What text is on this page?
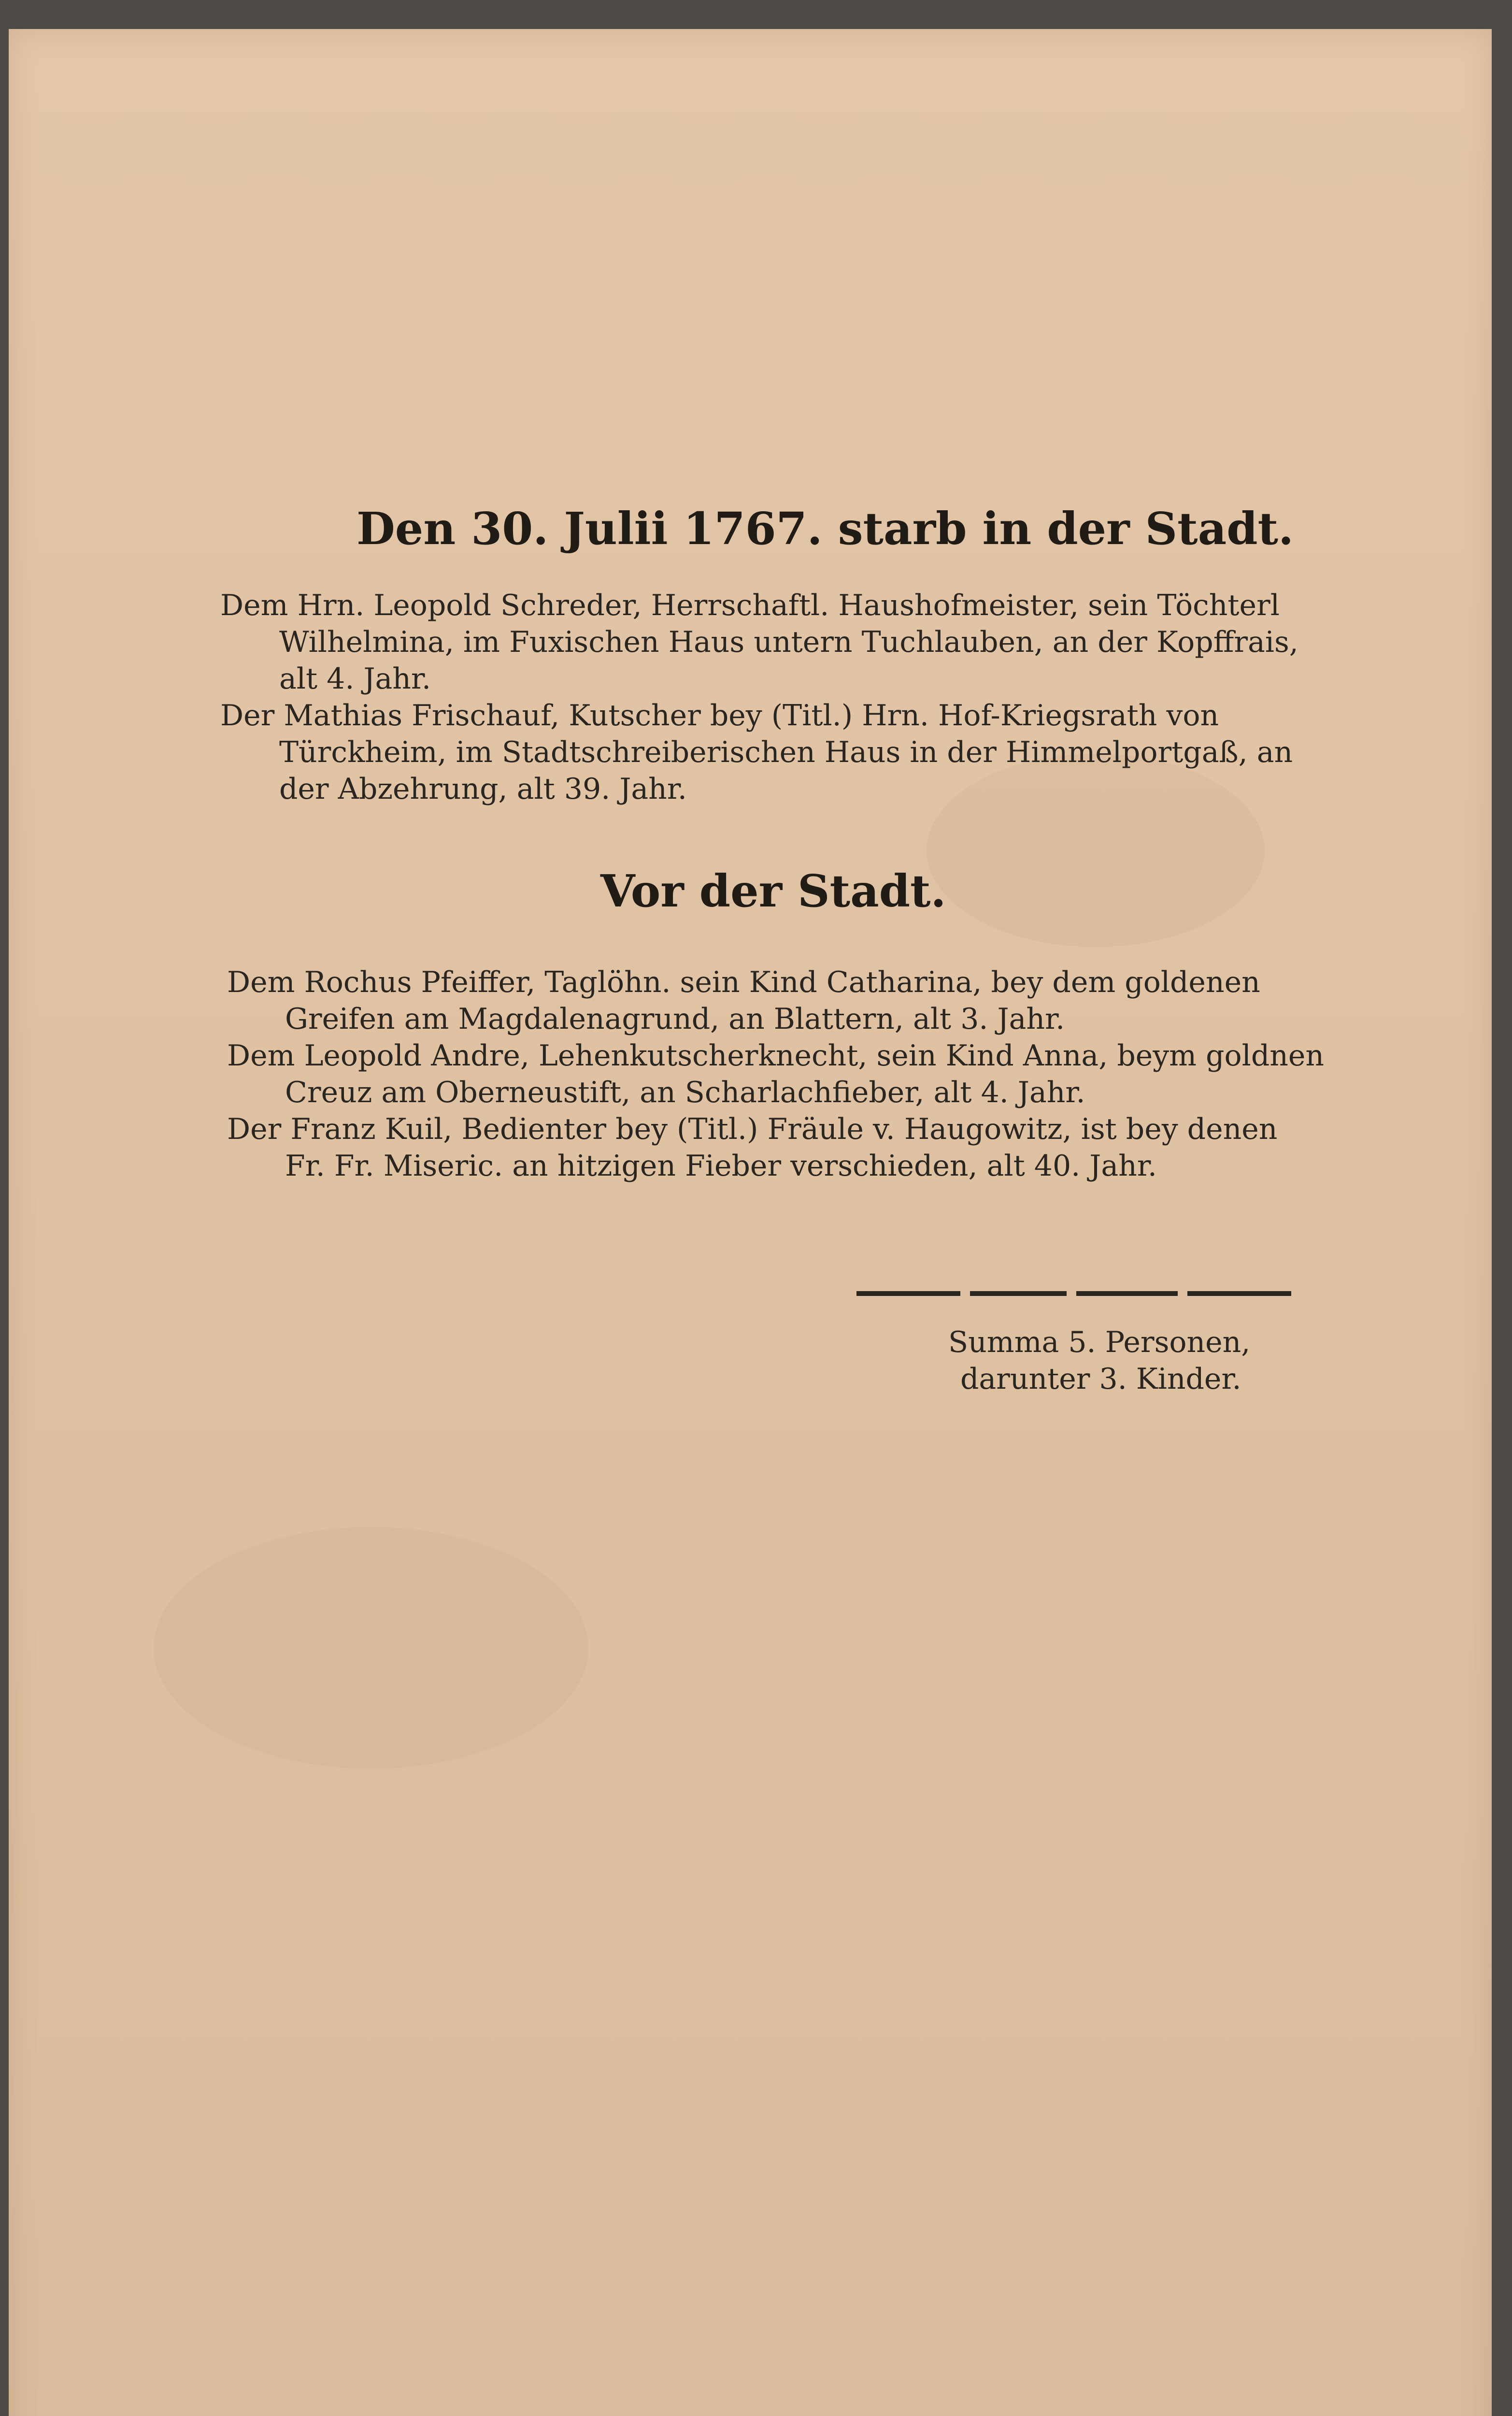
Den 30. Julii 1767. starb in der Stadt.
Dem Hrn. Leopold Schreder, Herrschaftl. Haushofmeister, sein Töchterl
Wilhelmina, im Fuxischen Haus untern Tuchlauben, an der Kopffrais,
alt 4. Jahr.
Der Mathias Frischauf, Kutscher bey (Titl.) Hrn. Hof-Kriegsrath von
Türckheim, im Stadtschreiberischen Haus in der Himmelportgaß, an
der Abzehrung, alt 39. Jahr.
Vor der Stadt.
Dem Rochus Pfeiffer, Taglöhn. sein Kind Catharina, bey dem goldenen
Greifen am Magdalenagrund, an Blattern, alt 3. Jahr.
Dem Leopold Andre, Lehenkutscherknecht, sein Kind Anna, beym goldnen
Creuz am Oberneustift, an Scharlachfieber, alt 4. Jahr.
Der Franz Kuil, Bedienter bey (Titl.) Fräule v. Haugowitz, ist bey denen
Fr. Fr. Miseric. an hitzigen Fieber verschieden, alt 40. Jahr.
Summa 5. Personen,
darunter 3. Kinder.
